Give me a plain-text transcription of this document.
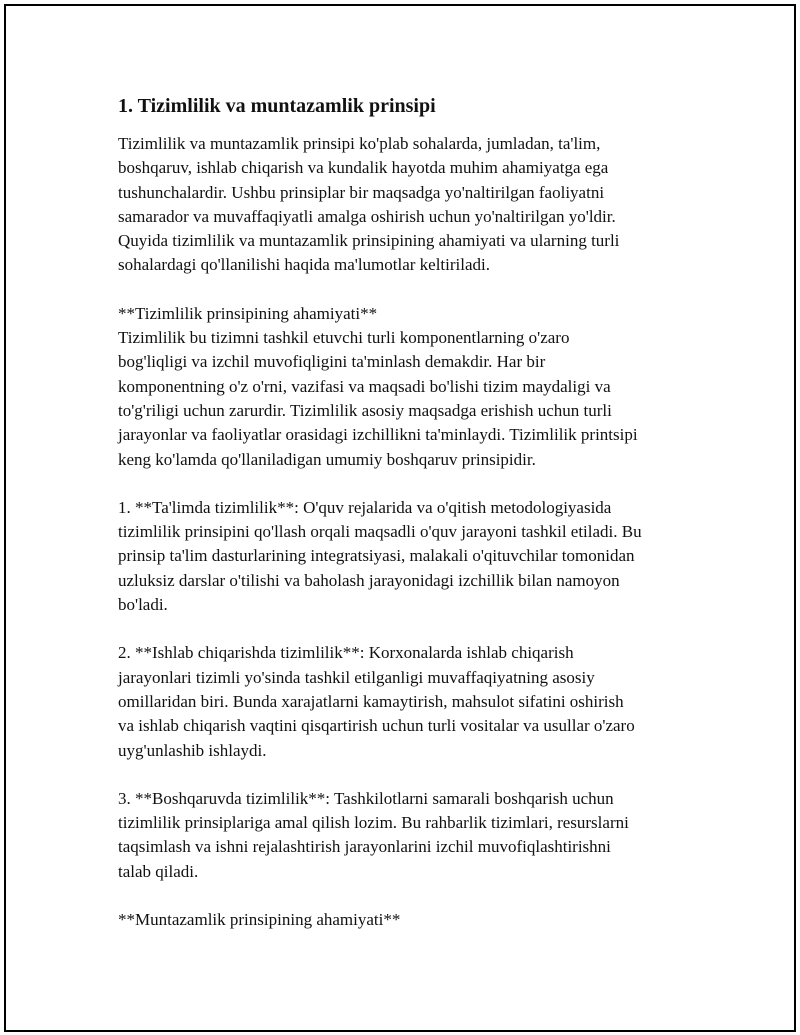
1. Tizimlilik va muntazamlik prinsipi
Tizimlilik va muntazamlik prinsipi ko'plab sohalarda, jumladan, ta'lim,
boshqaruv, ishlab chiqarish va kundalik hayotda muhim ahamiyatga ega
tushunchalardir. Ushbu prinsiplar bir maqsadga yo'naltirilgan faoliyatni
samarador va muvaffaqiyatli amalga oshirish uchun yo'naltirilgan yo'ldir.
Quyida tizimlilik va muntazamlik prinsipining ahamiyati va ularning turli
sohalardagi qo'llanilishi haqida ma'lumotlar keltiriladi.
**Tizimlilik prinsipining ahamiyati**
Tizimlilik bu tizimni tashkil etuvchi turli komponentlarning o'zaro
bog'liqligi va izchil muvofiqligini ta'minlash demakdir. Har bir
komponentning o'z o'rni, vazifasi va maqsadi bo'lishi tizim maydaligi va
to'g'riligi uchun zarurdir. Tizimlilik asosiy maqsadga erishish uchun turli
jarayonlar va faoliyatlar orasidagi izchillikni ta'minlaydi. Tizimlilik printsipi
keng ko'lamda qo'llaniladigan umumiy boshqaruv prinsipidir.
1. **Ta'limda tizimlilik**: O'quv rejalarida va o'qitish metodologiyasida
tizimlilik prinsipini qo'llash orqali maqsadli o'quv jarayoni tashkil etiladi. Bu
prinsip ta'lim dasturlarining integratsiyasi, malakali o'qituvchilar tomonidan
uzluksiz darslar o'tilishi va baholash jarayonidagi izchillik bilan namoyon
bo'ladi.
2. **Ishlab chiqarishda tizimlilik**: Korxonalarda ishlab chiqarish
jarayonlari tizimli yo'sinda tashkil etilganligi muvaffaqiyatning asosiy
omillaridan biri. Bunda xarajatlarni kamaytirish, mahsulot sifatini oshirish
va ishlab chiqarish vaqtini qisqartirish uchun turli vositalar va usullar o'zaro
uyg'unlashib ishlaydi.
3. **Boshqaruvda tizimlilik**: Tashkilotlarni samarali boshqarish uchun
tizimlilik prinsiplariga amal qilish lozim. Bu rahbarlik tizimlari, resurslarni
taqsimlash va ishni rejalashtirish jarayonlarini izchil muvofiqlashtirishni
talab qiladi.
**Muntazamlik prinsipining ahamiyati**
